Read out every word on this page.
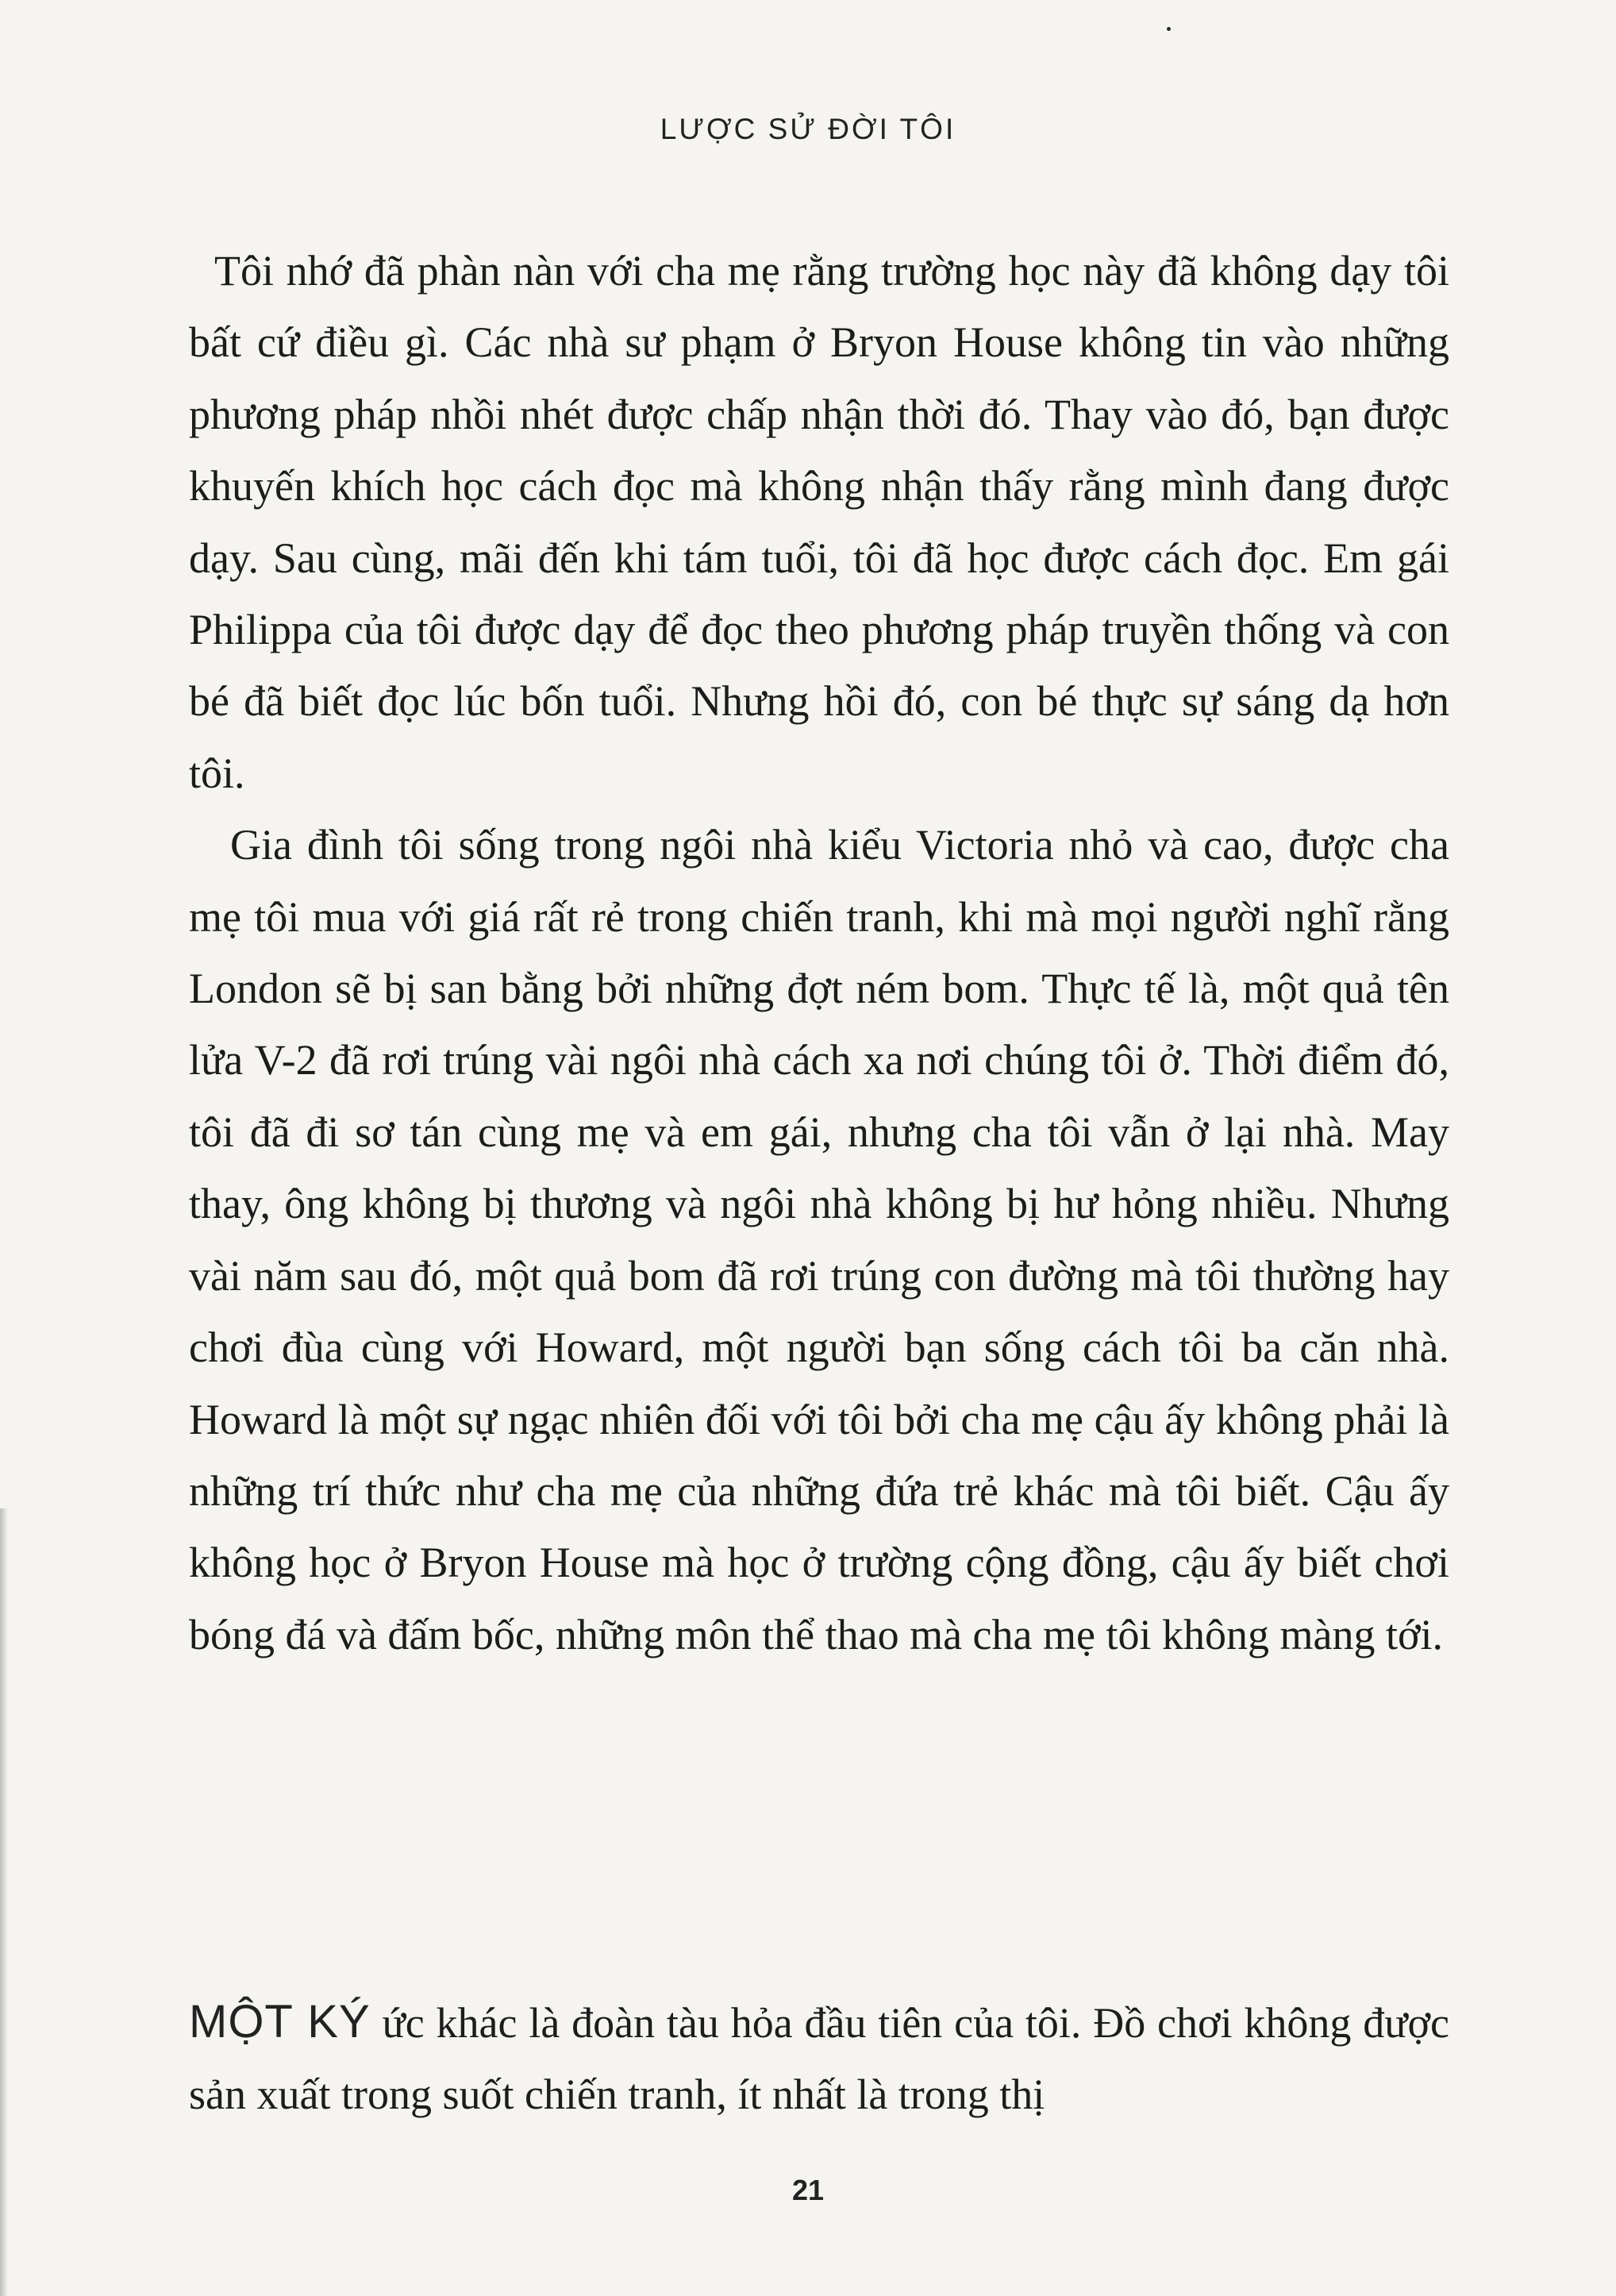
LƯỢC SỬ ĐỜI TÔI

Tôi nhớ đã phàn nàn với cha mẹ rằng trường học này đã không dạy tôi bất cứ điều gì. Các nhà sư phạm ở Bryon House không tin vào những phương pháp nhồi nhét được chấp nhận thời đó. Thay vào đó, bạn được khuyến khích học cách đọc mà không nhận thấy rằng mình đang được dạy. Sau cùng, mãi đến khi tám tuổi, tôi đã học được cách đọc. Em gái Philippa của tôi được dạy để đọc theo phương pháp truyền thống và con bé đã biết đọc lúc bốn tuổi. Nhưng hồi đó, con bé thực sự sáng dạ hơn tôi.

Gia đình tôi sống trong ngôi nhà kiểu Victoria nhỏ và cao, được cha mẹ tôi mua với giá rất rẻ trong chiến tranh, khi mà mọi người nghĩ rằng London sẽ bị san bằng bởi những đợt ném bom. Thực tế là, một quả tên lửa V-2 đã rơi trúng vài ngôi nhà cách xa nơi chúng tôi ở. Thời điểm đó, tôi đã đi sơ tán cùng mẹ và em gái, nhưng cha tôi vẫn ở lại nhà. May thay, ông không bị thương và ngôi nhà không bị hư hỏng nhiều. Nhưng vài năm sau đó, một quả bom đã rơi trúng con đường mà tôi thường hay chơi đùa cùng với Howard, một người bạn sống cách tôi ba căn nhà. Howard là một sự ngạc nhiên đối với tôi bởi cha mẹ cậu ấy không phải là những trí thức như cha mẹ của những đứa trẻ khác mà tôi biết. Cậu ấy không học ở Bryon House mà học ở trường cộng đồng, cậu ấy biết chơi bóng đá và đấm bốc, những môn thể thao mà cha mẹ tôi không màng tới.

MỘT KÝ ức khác là đoàn tàu hỏa đầu tiên của tôi. Đồ chơi không được sản xuất trong suốt chiến tranh, ít nhất là trong thị

21
